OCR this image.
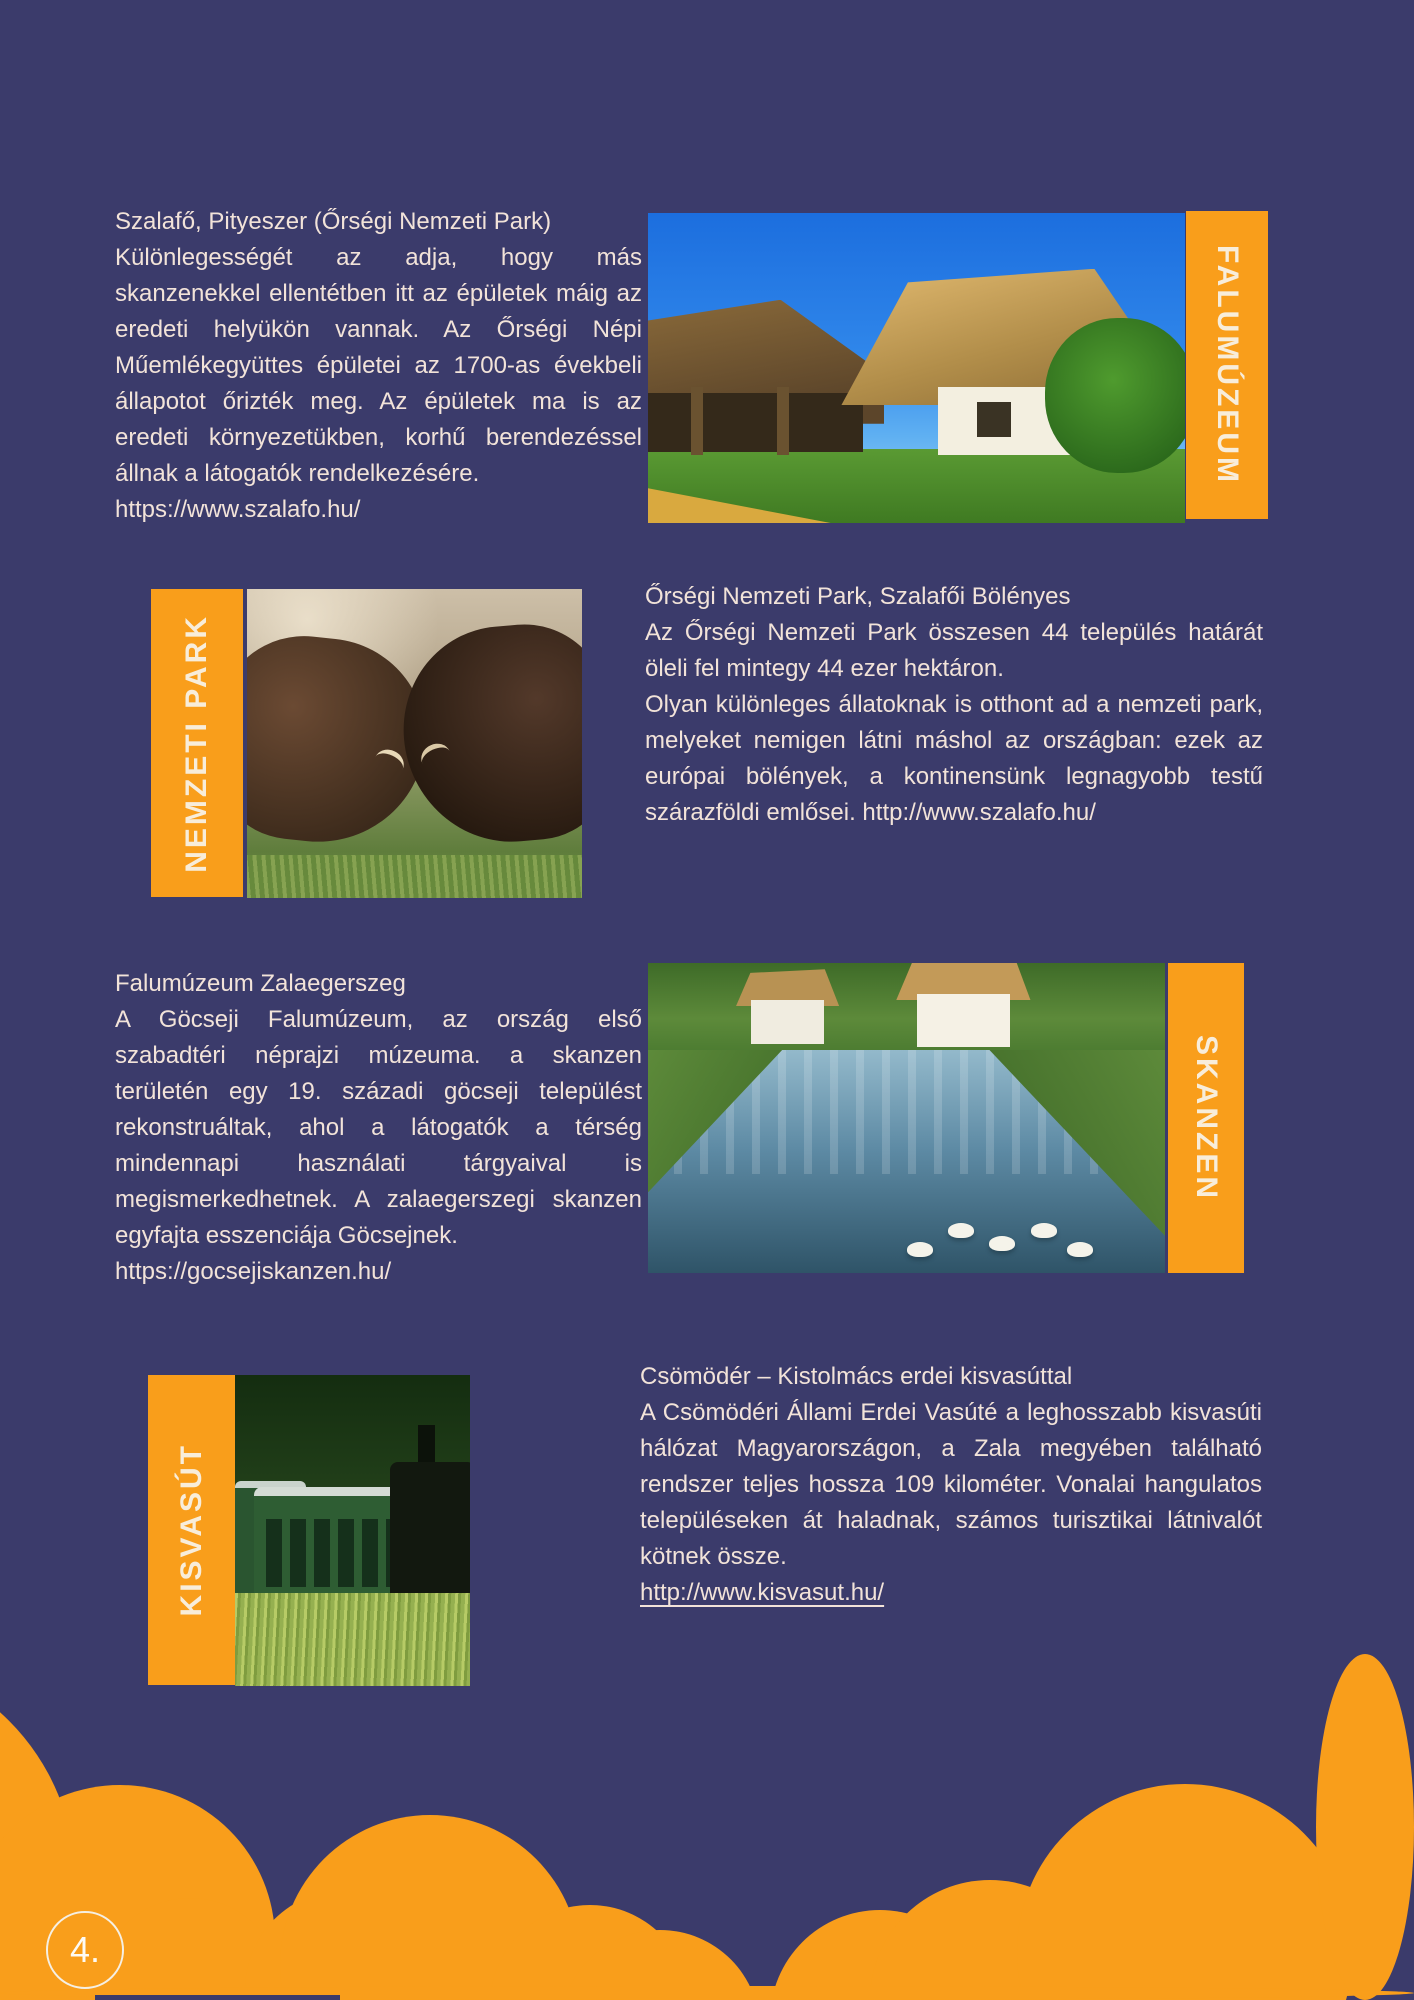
Szalafő, Pityeszer (Őrségi Nemzeti Park)

Különlegességét az adja, hogy más skanzenekkel ellentétben itt az épületek máig az eredeti helyükön vannak. Az Őrségi Népi Műemlékegyüttes épületei az 1700-as évekbeli állapotot őrizték meg. Az épületek ma is az eredeti környezetükben, korhű berendezéssel állnak a látogatók rendelkezésére.

https://www.szalafo.hu/
FALUMÚZEUM
NEMZETI PARK
Őrségi Nemzeti Park, Szalafői Bölényes

Az Őrségi Nemzeti Park összesen 44 település határát öleli fel mintegy 44 ezer hektáron.

Olyan különleges állatoknak is otthont ad a nemzeti park, melyeket nemigen látni máshol az országban: ezek az európai bölények, a kontinensünk legnagyobb testű szárazföldi emlősei. http://www.szalafo.hu/

Falumúzeum Zalaegerszeg

A Göcseji Falumúzeum, az ország első szabadtéri néprajzi múzeuma. a skanzen területén egy 19. századi göcseji települést rekonstruáltak, ahol a látogatók a térség mindennapi használati tárgyaival is megismerkedhetnek. A zalaegerszegi skanzen egyfajta esszenciája Göcsejnek.

https://gocsejiskanzen.hu/
SKANZEN
KISVASÚT
Csömödér – Kistolmács erdei kisvasúttal

A Csömödéri Állami Erdei Vasúté a leghosszabb kisvasúti hálózat Magyarországon, a Zala megyében található rendszer teljes hossza 109 kilométer. Vonalai hangulatos településeken át haladnak, számos turisztikai látnivalót kötnek össze.

http://www.kisvasut.hu/
4.
